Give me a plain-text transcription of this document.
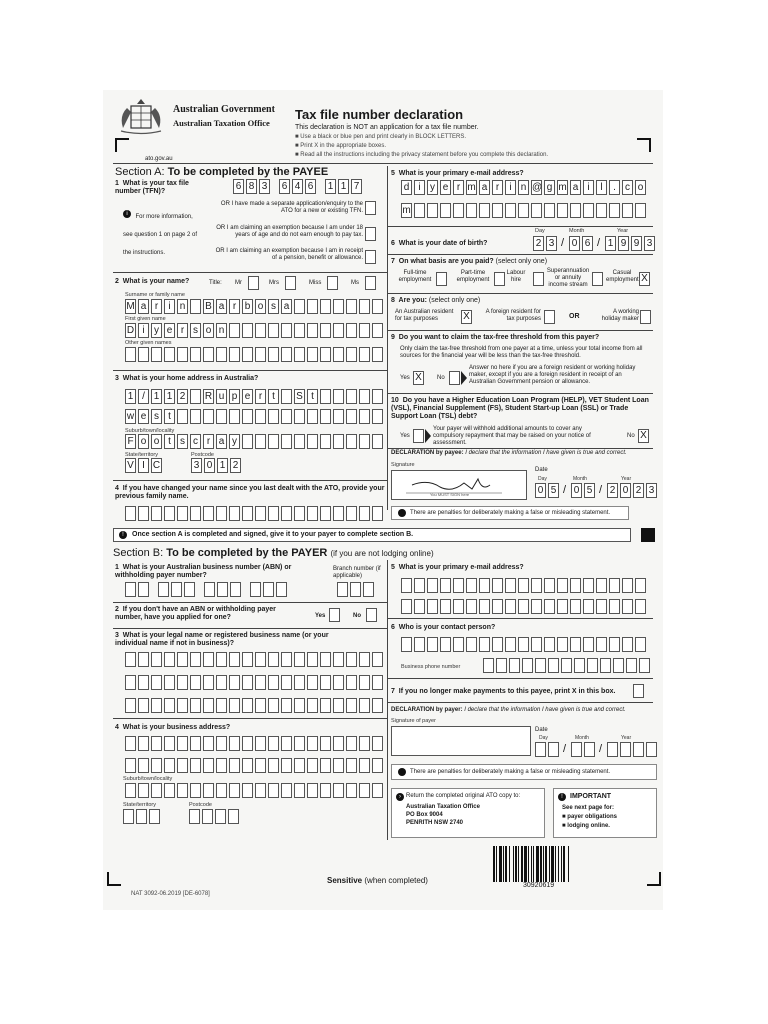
Australian Government
Australian Taxation Office
ato.gov.au
Tax file number declaration
This declaration is NOT an application for a tax file number.
■ Use a black or blue pen and print clearly in BLOCK LETTERS.
■ Print X in the appropriate boxes.
■ Read all the instructions including the privacy statement before you complete this declaration.
Section A: To be completed by the PAYEE
1 What is your tax file number (TFN)?	6 8 3 6 4 6 1 1 7
i For more information, see question 1 on page 2 of the instructions.
OR I have made a separate application/enquiry to the ATO for a new or existing TFN.
OR I am claiming an exemption because I am under 18 years of age and do not earn enough to pay tax.
OR I am claiming an exemption because I am in receipt of a pension, benefit or allowance.
2 What is your name?	Title: Mr	Mrs	Miss	Ms
Surname or family name
M a r	i n B a r b o s a
First given name
D i y e r s o n
Other given names
3 What is your home address in Australia?
1 / 1 1 2 R u p e r t	S t
w e s t
Suburb/town/locality
F o o t s c r a y
State/territory
V I C
Postcode
3 0 1 2
4 If you have changed your name since you last dealt with the ATO, provide your previous family name.
5 What is your primary e-mail address?
d i y e r m a r	i n @ g m a i	l	. c o
m
6 What is your date of birth?
Day	Month	Year
2 3 / 0 6 / 1 9 9 3
7 On what basis are you paid? (select only one)
Full-time employment
Part-time employment
Labour hire
Superannuation or annuity income stream
Casual employment X
8 Are you: (select only one)
An Australian resident for tax purposes	X	A foreign resident for tax purposes	OR
A working holiday maker
9 Do you want to claim the tax-free threshold from this payer?
Only claim the tax-free threshold from one payer at a time, unless your total income from all sources for the financial year will be less than the tax-free threshold.
Yes X	No
Answer no here if you are a foreign resident or working holiday maker, except if you are a foreign resident in receipt of an Australian Government pension or allowance.
10 Do you have a Higher Education Loan Program (HELP), VET Student Loan (VSL), Financial Supplement (FS), Student Start-up Loan (SSL) or Trade Support Loan (TSL) debt?
Yes
Your payer will withhold additional amounts to cover any compulsory repayment that may be raised on your notice of assessment.
No X
DECLARATION by payee: I declare that the information I have given is true and correct.
Signature
You MUST SIGN here
Date
Day	Month	Year
0 5 / 0 5 / 2 0 2 3
There are penalties for deliberately making a false or misleading statement.
!	Once section A is completed and signed, give it to your payer to complete section B.
Section B: To be completed by the PAYER (if you are not lodging online)
1 What is your Australian business number (ABN) or withholding payer number?
Branch number (if applicable)
2 If you don't have an ABN or withholding payer number, have you applied for one?	Yes	No
3 What is your legal name or registered business name (or your individual name if not in business)?
4 What is your business address?
Suburb/town/locality
State/territory	Postcode
5 What is your primary e-mail address?
6 Who is your contact person?
Business phone number
7 If you no longer make payments to this payee, print X in this box.
DECLARATION by payer: I declare that the information I have given is true and correct.
Signature of payer
Date
Day	Month	Year
/	/
There are penalties for deliberately making a false or misleading statement.
› Return the completed original ATO copy to:
Australian Taxation Office
PO Box 9004
PENRITH NSW 2740
!	IMPORTANT
See next page for:
■ payer obligations
■ lodging online.
Sensitive (when completed)
30920619
NAT 3092-06.2019 [DE-6078]
